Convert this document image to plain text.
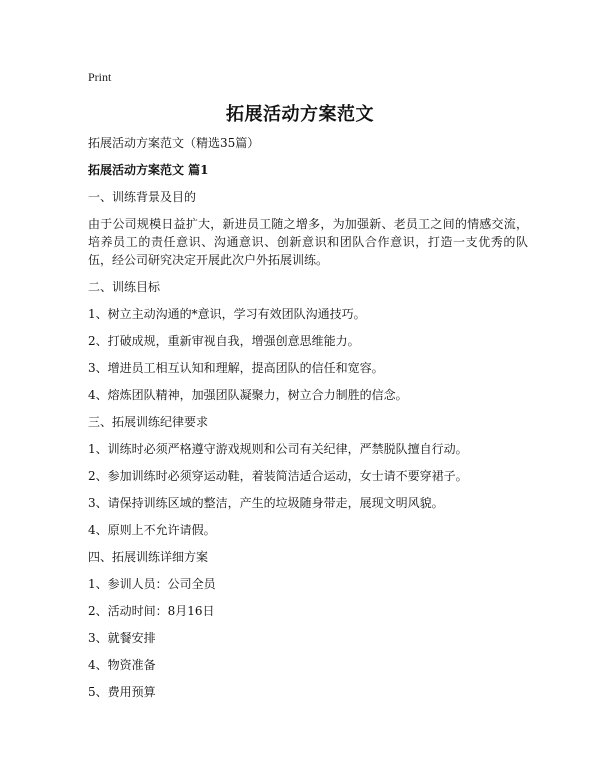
Print
拓展活动方案范文
拓展活动方案范文（精选35篇）
拓展活动方案范文 篇1
一、训练背景及目的
由于公司规模日益扩大，新进员工随之增多，为加强新、老员工之间的情感交流，培养员工的责任意识、沟通意识、创新意识和团队合作意识，打造一支优秀的队伍，经公司研究决定开展此次户外拓展训练。
二、训练目标
1、树立主动沟通的*意识，学习有效团队沟通技巧。
2、打破成规，重新审视自我，增强创意思维能力。
3、增进员工相互认知和理解，提高团队的信任和宽容。
4、熔炼团队精神，加强团队凝聚力，树立合力制胜的信念。
三、拓展训练纪律要求
1、训练时必须严格遵守游戏规则和公司有关纪律，严禁脱队擅自行动。
2、参加训练时必须穿运动鞋，着装简洁适合运动，女士请不要穿裙子。
3、请保持训练区域的整洁，产生的垃圾随身带走，展现文明风貌。
4、原则上不允许请假。
四、拓展训练详细方案
1、参训人员：公司全员
2、活动时间：8月16日
3、就餐安排
4、物资准备
5、费用预算
